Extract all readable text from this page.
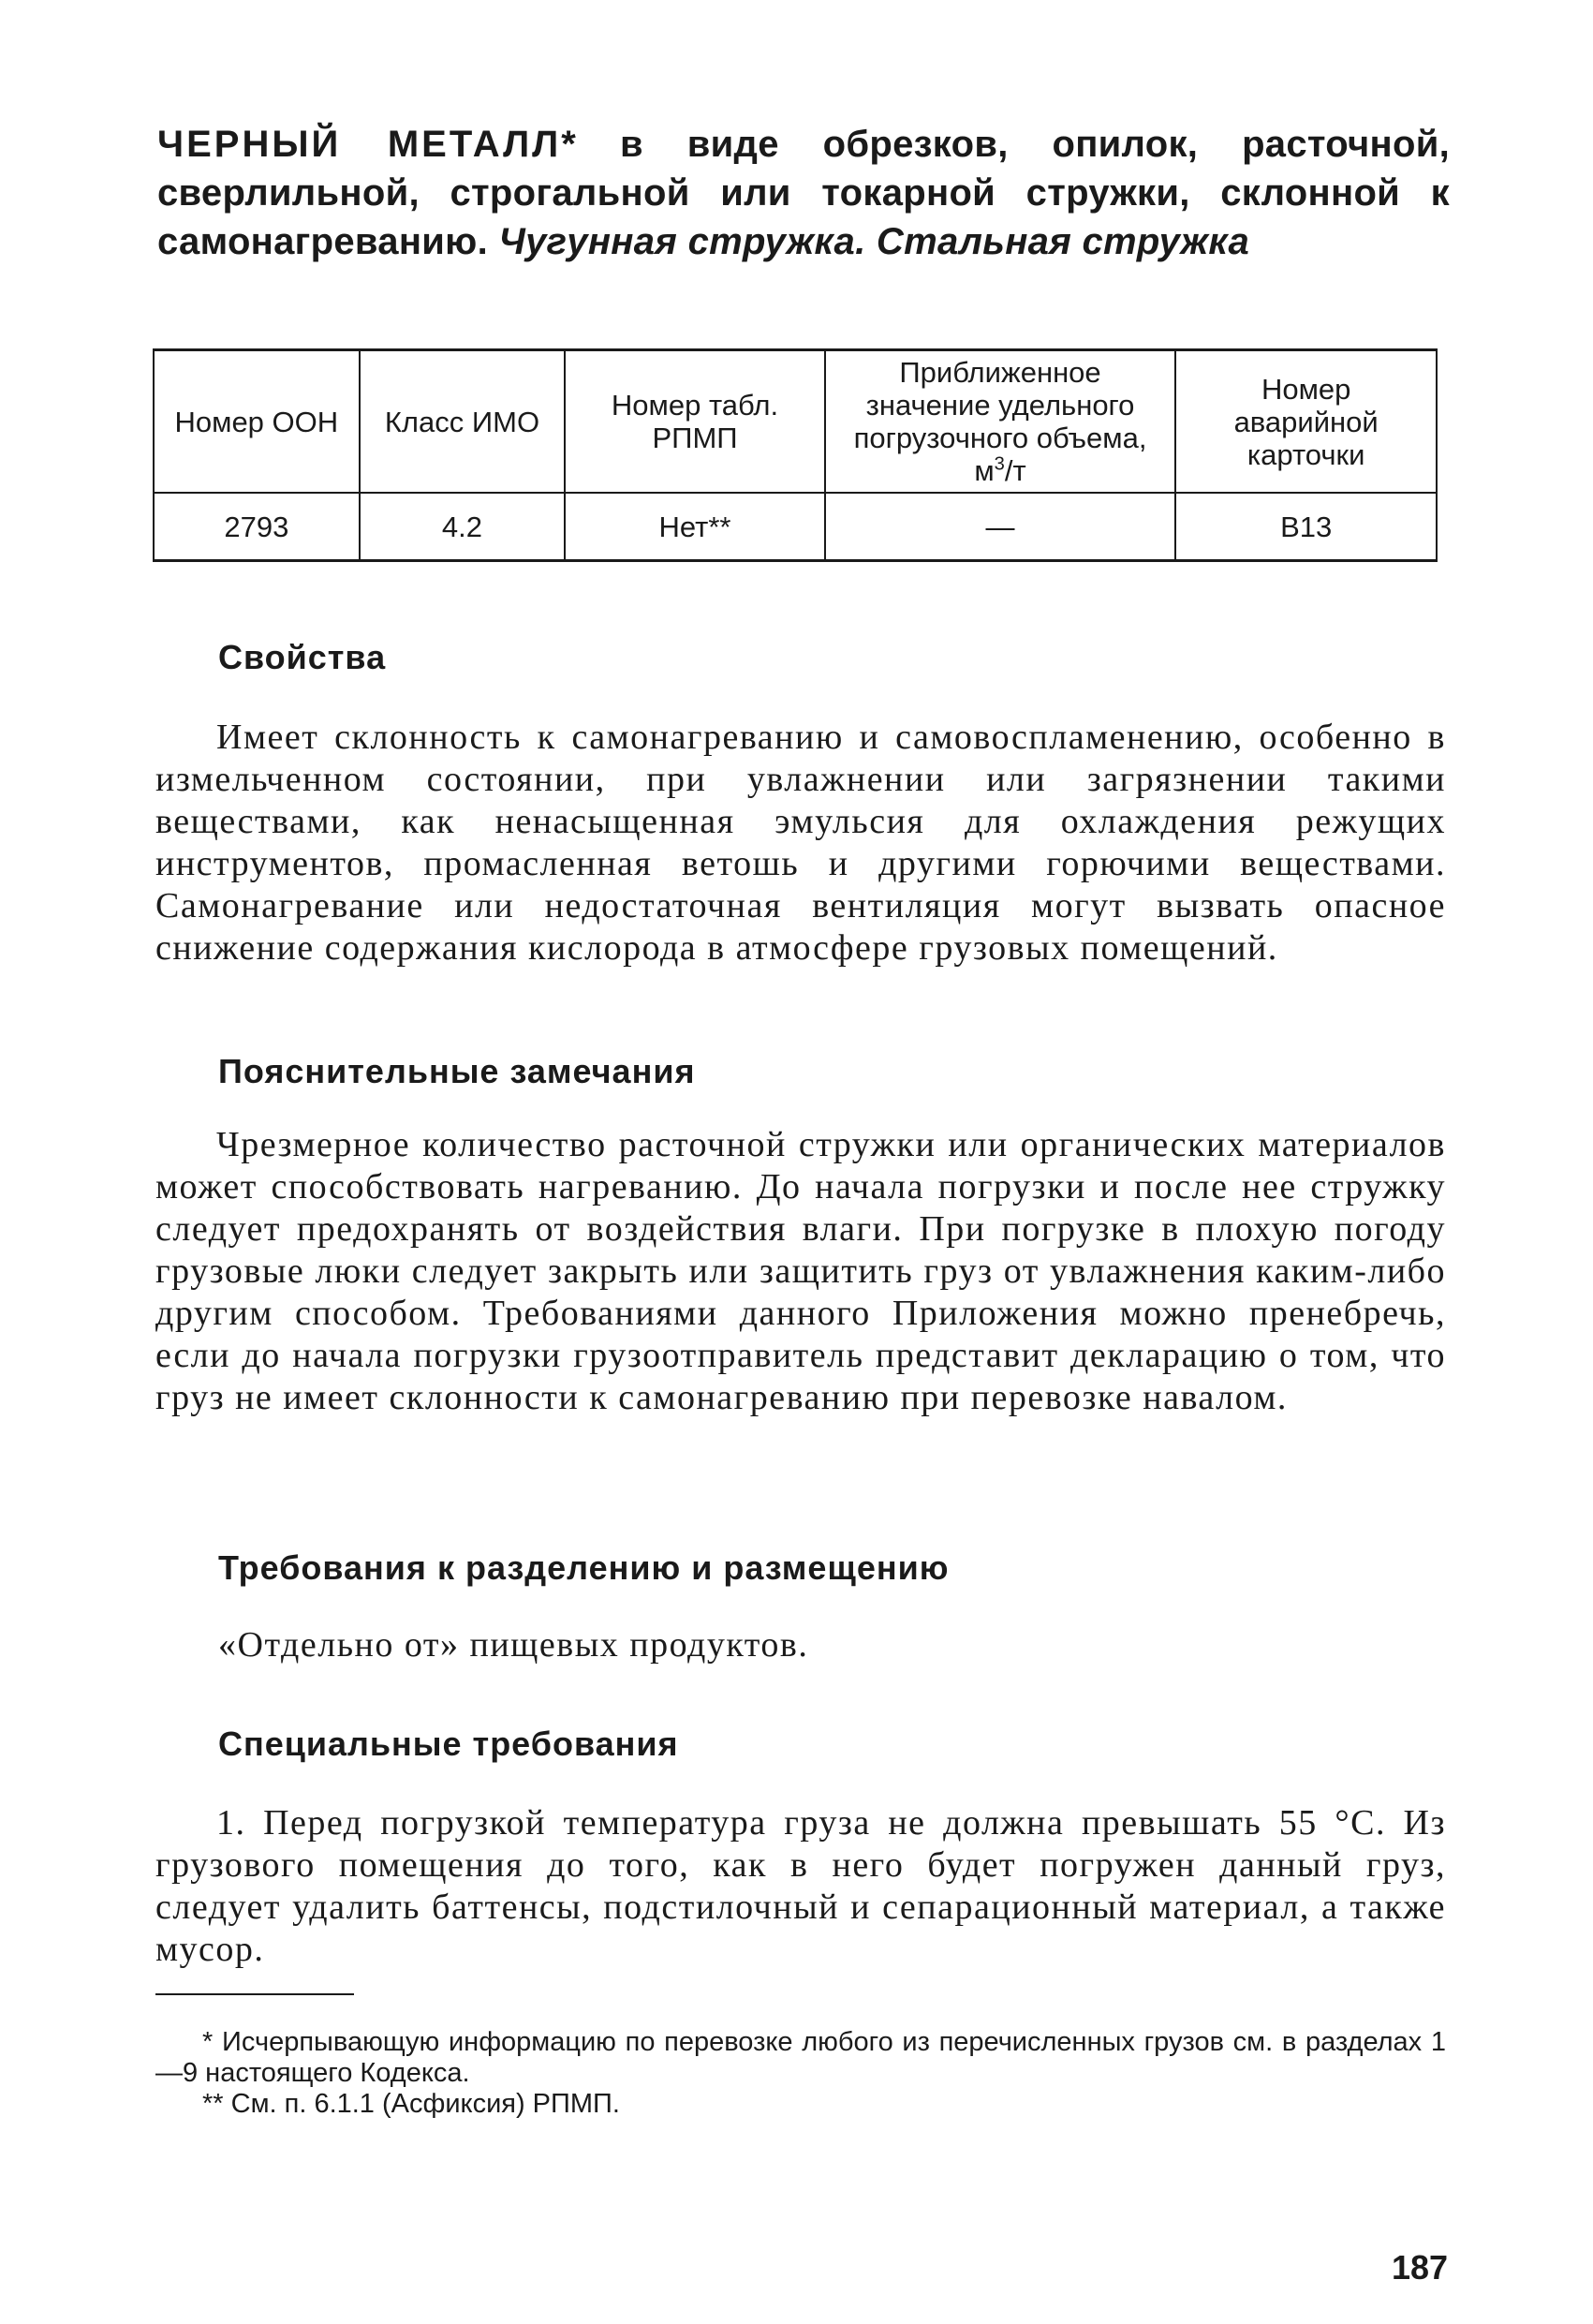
ЧЕРНЫЙ МЕТАЛЛ* в виде обрезков, опилок, расточной, сверлильной, строгальной или токарной стружки, склонной к самонагреванию. Чугунная стружка. Стальная стружка
Номер ООН	Класс ИМО	Номер табл. РПМП	Приближенное значение удельного погрузочного объема, $м^3/т$	Номер аварийной карточки
2793	4.2	Нет**	—	В13
Свойства
Имеет склонность к самонагреванию и самовоспламенению, особенно в измельченном состоянии, при увлажнении или загрязнении такими веществами, как ненасыщенная эмульсия для охлаждения режущих инструментов, промасленная ветошь и другими горючими веществами. Самонагревание или недостаточная вентиляция могут вызвать опасное снижение содержания кислорода в атмосфере грузовых помещений.
Пояснительные замечания
Чрезмерное количество расточной стружки или органических материалов может способствовать нагреванию. До начала погрузки и после нее стружку следует предохранять от воздействия влаги. При погрузке в плохую погоду грузовые люки следует закрыть или защитить груз от увлажнения каким-либо другим способом. Требованиями данного Приложения можно пренебречь, если до начала погрузки грузоотправитель представит декларацию о том, что груз не имеет склонности к самонагреванию при перевозке навалом.
Требования к разделению и размещению
«Отдельно от» пищевых продуктов.
Специальные требования
1. Перед погрузкой температура груза не должна превышать 55 °С. Из грузового помещения до того, как в него будет погружен данный груз, следует удалить баттенсы, подстилочный и сепарационный материал, а также мусор.

* Исчерпывающую информацию по перевозке любого из перечисленных грузов см. в разделах 1—9 настоящего Кодекса.

** См. п. 6.1.1 (Асфиксия) РПМП.

187
